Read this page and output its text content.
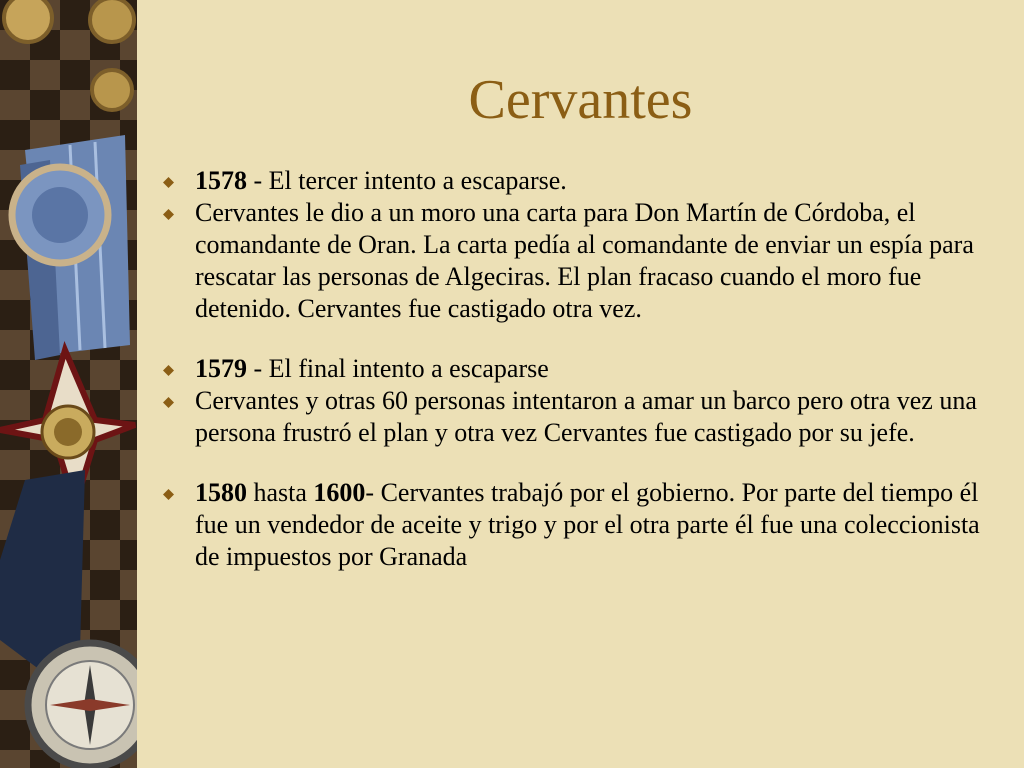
Cervantes
1578 - El tercer intento a escaparse.
Cervantes le dio a un moro una carta para Don Martín de Córdoba, el comandante de Oran. La carta pedía al comandante de enviar un espía para rescatar las personas de Algeciras. El plan fracaso cuando el moro fue detenido. Cervantes fue castigado otra vez.
1579 - El final intento a escaparse
Cervantes y otras 60 personas intentaron a amar un barco pero otra vez una persona frustró el plan y otra vez Cervantes fue castigado por su jefe.
1580 hasta 1600- Cervantes trabajó por el gobierno. Por parte del tiempo él fue un vendedor de aceite y trigo y por el otra parte él fue una coleccionista de impuestos por Granada
